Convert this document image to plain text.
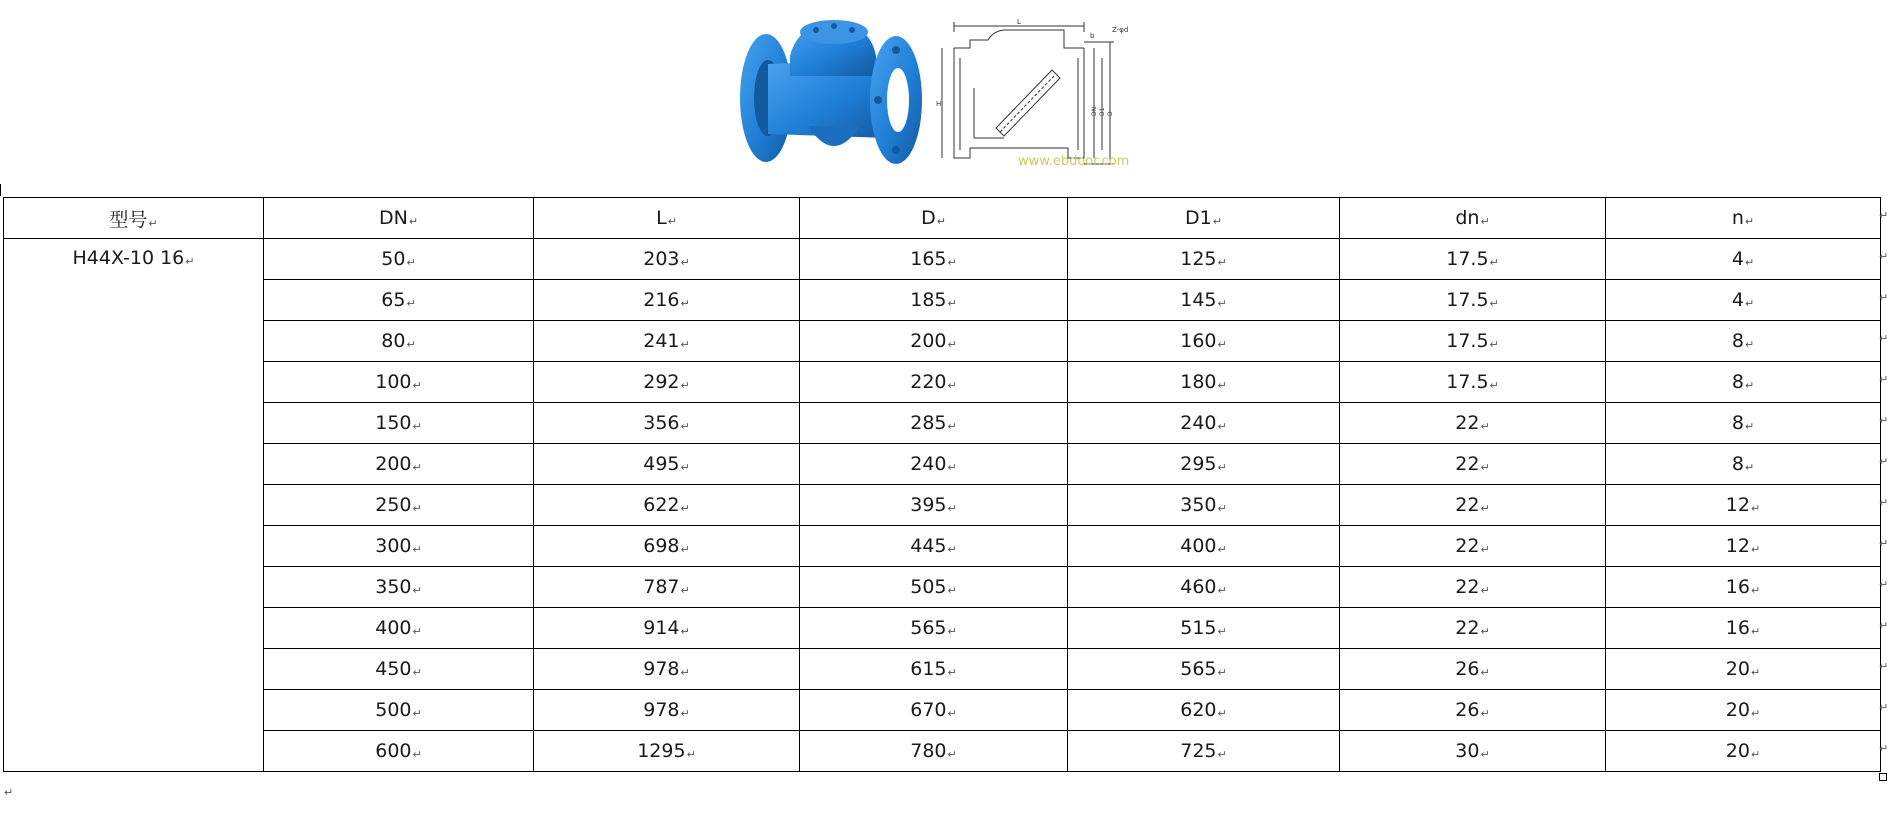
L
b
Z-φd
H
DN D1 D
www.ebdoor.com
型号↵	DN↵	L↵	D↵	D1↵	dn↵	n↵
H44X-10 16↵	50↵	203↵	165↵	125↵	17.5↵	4↵
	65↵	216↵	185↵	145↵	17.5↵	4↵
	80↵	241↵	200↵	160↵	17.5↵	8↵
	100↵	292↵	220↵	180↵	17.5↵	8↵
	150↵	356↵	285↵	240↵	22↵	8↵
	200↵	495↵	240↵	295↵	22↵	8↵
	250↵	622↵	395↵	350↵	22↵	12↵
	300↵	698↵	445↵	400↵	22↵	12↵
	350↵	787↵	505↵	460↵	22↵	16↵
	400↵	914↵	565↵	515↵	22↵	16↵
	450↵	978↵	615↵	565↵	26↵	20↵
	500↵	978↵	670↵	620↵	26↵	20↵
	600↵	1295↵	780↵	725↵	30↵	20↵
↵
↵
↵
↵
↵
↵
↵
↵
↵
↵
↵
↵
↵
↵
↵
